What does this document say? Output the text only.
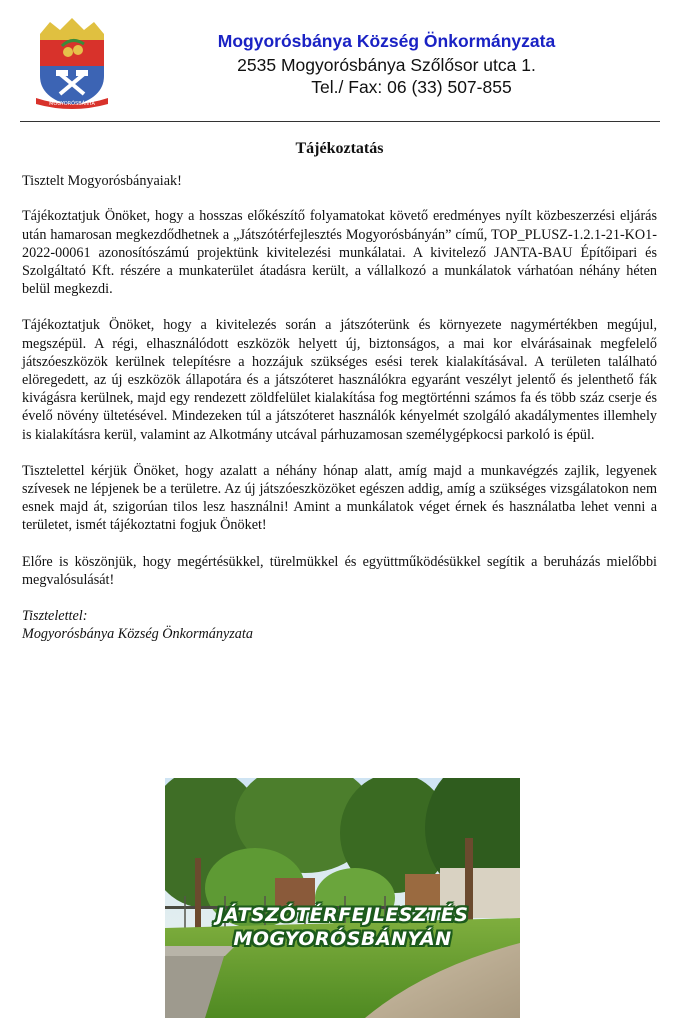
MOGYORÓSBÁNYA
Mogyorósbánya Község Önkormányzata
2535 Mogyorósbánya Szőlősor utca 1.
Tel./ Fax: 06 (33) 507-855
Tájékoztatás

Tisztelt Mogyorósbányaiak!

Tájékoztatjuk Önöket, hogy a hosszas előkészítő folyamatokat követő eredményes nyílt közbeszerzési eljárás után hamarosan megkezdődhetnek a „Játszótérfejlesztés Mogyorósbányán” című, TOP_PLUSZ-1.2.1-21-KO1-2022-00061 azonosítószámú projektünk kivitelezési munkálatai. A kivitelező JANTA-BAU Építőipari és Szolgáltató Kft. részére a munkaterület átadásra került, a vállalkozó a munkálatok várhatóan néhány héten belül megkezdi.

Tájékoztatjuk Önöket, hogy a kivitelezés során a játszóterünk és környezete nagymértékben megújul, megszépül. A régi, elhasználódott eszközök helyett új, biztonságos, a mai kor elvárásainak megfelelő játszóeszközök kerülnek telepítésre a hozzájuk szükséges esési terek kialakításával. A területen található elöregedett, az új eszközök állapotára és a játszóteret használókra egyaránt veszélyt jelentő és jelenthető fák kivágásra kerülnek, majd egy rendezett zöldfelület kialakítása fog megtörténni számos fa és több száz cserje és évelő növény ültetésével. Mindezeken túl a játszóteret használók kényelmét szolgáló akadálymentes illemhely is kialakításra kerül, valamint az Alkotmány utcával párhuzamosan személygépkocsi parkoló is épül.

Tisztelettel kérjük Önöket, hogy azalatt a néhány hónap alatt, amíg majd a munkavégzés zajlik, legyenek szívesek ne lépjenek be a területre. Az új játszóeszközöket egészen addig, amíg a szükséges vizsgálatokon nem esnek majd át, szigorúan tilos lesz használni! Amint a munkálatok véget érnek és használatba lehet venni a területet, ismét tájékoztatni fogjuk Önöket!

Előre is köszönjük, hogy megértésükkel, türelmükkel és együttműködésükkel segítik a beruházás mielőbbi megvalósulását!

Tisztelettel:

Mogyorósbánya Község Önkormányzata

JÁTSZÓTÉRFEJLESZTÉS
MOGYORÓSBÁNYÁN
